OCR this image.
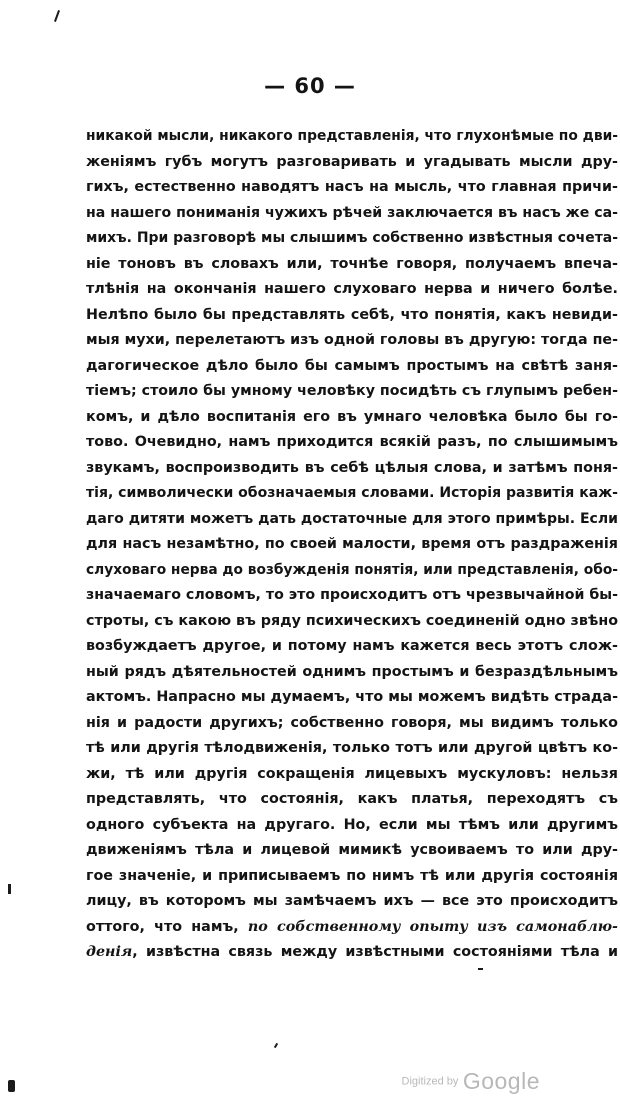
— 60 —
никакой мысли, никакого представленія, что глухонѣмые по дви-
женіямъ губъ могутъ разговаривать и угадывать мысли дру-
гихъ, естественно наводятъ насъ на мысль, что главная причи-
на нашего пониманія чужихъ рѣчей заключается въ насъ же са-
михъ. При разговорѣ мы слышимъ собственно извѣстныя сочета-
ніе тоновъ въ словахъ или, точнѣе говоря, получаемъ впеча-
тлѣнія на окончанія нашего слуховаго нерва и ничего болѣе.
Нелѣпо было бы представлять себѣ, что понятія, какъ невиди-
мыя мухи, перелетаютъ изъ одной головы въ другую: тогда пе-
дагогическое дѣло было бы самымъ простымъ на свѣтѣ заня-
тіемъ; стоило бы умному человѣку посидѣть съ глупымъ ребен-
комъ, и дѣло воспитанія его въ умнаго человѣка было бы го-
тово. Очевидно, намъ приходится всякій разъ, по слышимымъ
звукамъ, воспроизводить въ себѣ цѣлыя слова, и затѣмъ поня-
тія, символически обозначаемыя словами. Исторія развитія каж-
даго дитяти можетъ дать достаточные для этого примѣры. Если
для насъ незамѣтно, по своей малости, время отъ раздраженія
слуховаго нерва до возбужденія понятія, или представленія, обо-
значаемаго словомъ, то это происходитъ отъ чрезвычайной бы-
строты, съ какою въ ряду психическихъ соединеній одно звѣно
возбуждаетъ другое, и потому намъ кажется весь этотъ слож-
ный рядъ дѣятельностей однимъ простымъ и безраздѣльнымъ
актомъ. Напрасно мы думаемъ, что мы можемъ видѣть страда-
нія и радости другихъ; собственно говоря, мы видимъ только
тѣ или другія тѣлодвиженія, только тотъ или другой цвѣтъ ко-
жи, тѣ или другія сокращенія лицевыхъ мускуловъ: нельзя
представлять, что состоянія, какъ платья, переходятъ съ
одного субъекта на другаго. Но, если мы тѣмъ или другимъ
движеніямъ тѣла и лицевой мимикѣ усвоиваемъ то или дру-
гое значеніе, и приписываемъ по нимъ тѣ или другія состоянія
лицу, въ которомъ мы замѣчаемъ ихъ — все это происходитъ
оттого, что намъ, по собственному опыту изъ самонаблю-
денія, извѣстна связь между извѣстными состояніями тѣла и
Digitized by Google
